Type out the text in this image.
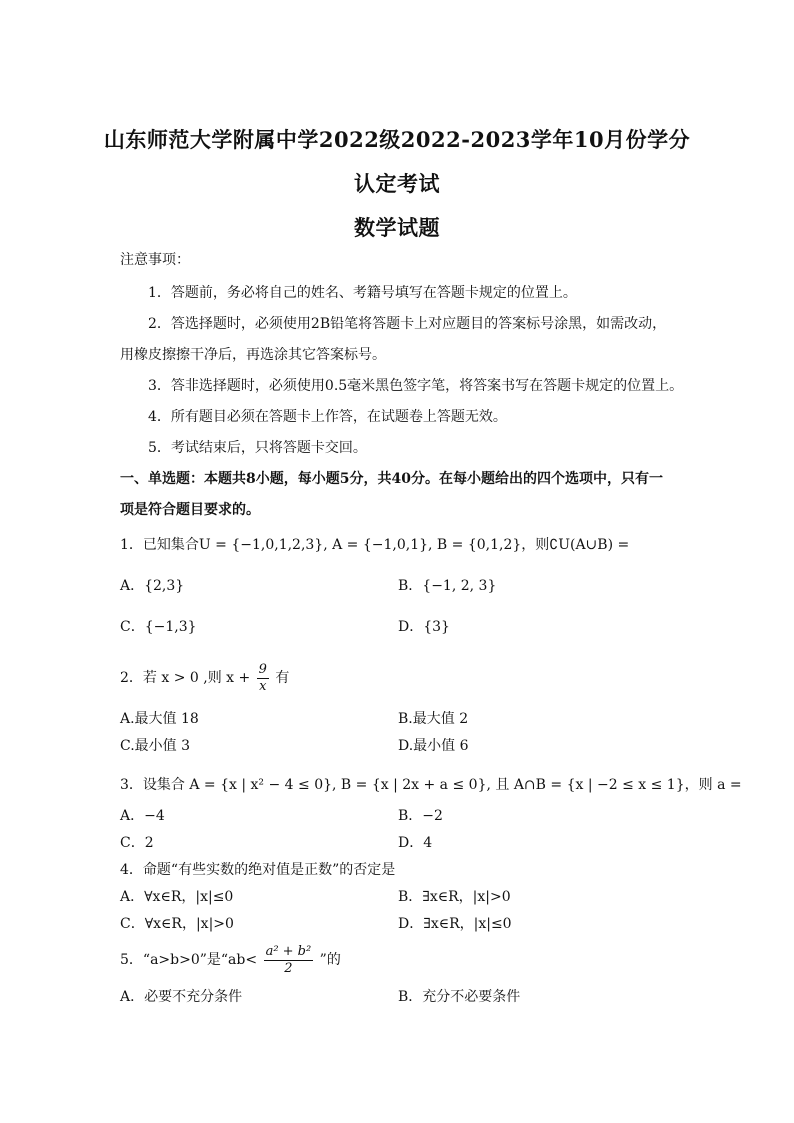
山东师范大学附属中学2022级2022-2023学年10月份学分
认定考试
数学试题
注意事项：
1．答题前，务必将自己的姓名、考籍号填写在答题卡规定的位置上。
2．答选择题时，必须使用2B铅笔将答题卡上对应题目的答案标号涂黑，如需改动，
用橡皮擦擦干净后，再选涂其它答案标号。
3．答非选择题时，必须使用0.5毫米黑色签字笔，将答案书写在答题卡规定的位置上。
4．所有题目必须在答题卡上作答，在试题卷上答题无效。
5．考试结束后，只将答题卡交回。
一、单选题：本题共8小题，每小题5分，共40分。在每小题给出的四个选项中，只有一
项是符合题目要求的。
1．已知集合U = {−1,0,1,2,3}, A = {−1,0,1}, B = {0,1,2}，则∁U(A∪B) =
A．{2,3}	B．{−1, 2, 3}
C．{−1,3}	D．{3}
2．若 x > 0 ,则 $x + \frac{9}{x}$ 有
A.最大值 18	B.最大值 2
C.最小值 3	D.最小值 6
3．设集合 A = {x | x² − 4 ≤ 0}, B = {x | 2x + a ≤ 0}, 且 A∩B = {x | −2 ≤ x ≤ 1}，则 a =
A．−4	B．−2
C．2	D．4
4．命题“有些实数的绝对值是正数”的否定是
A．∀x∈R，|x|≤0	B．∃x∈R，|x|>0
C．∀x∈R，|x|>0	D．∃x∈R，|x|≤0
5．“a>b>0”是“$ab< \frac{\text{a² + b²}}{2}$ ”的
A．必要不充分条件	B．充分不必要条件
